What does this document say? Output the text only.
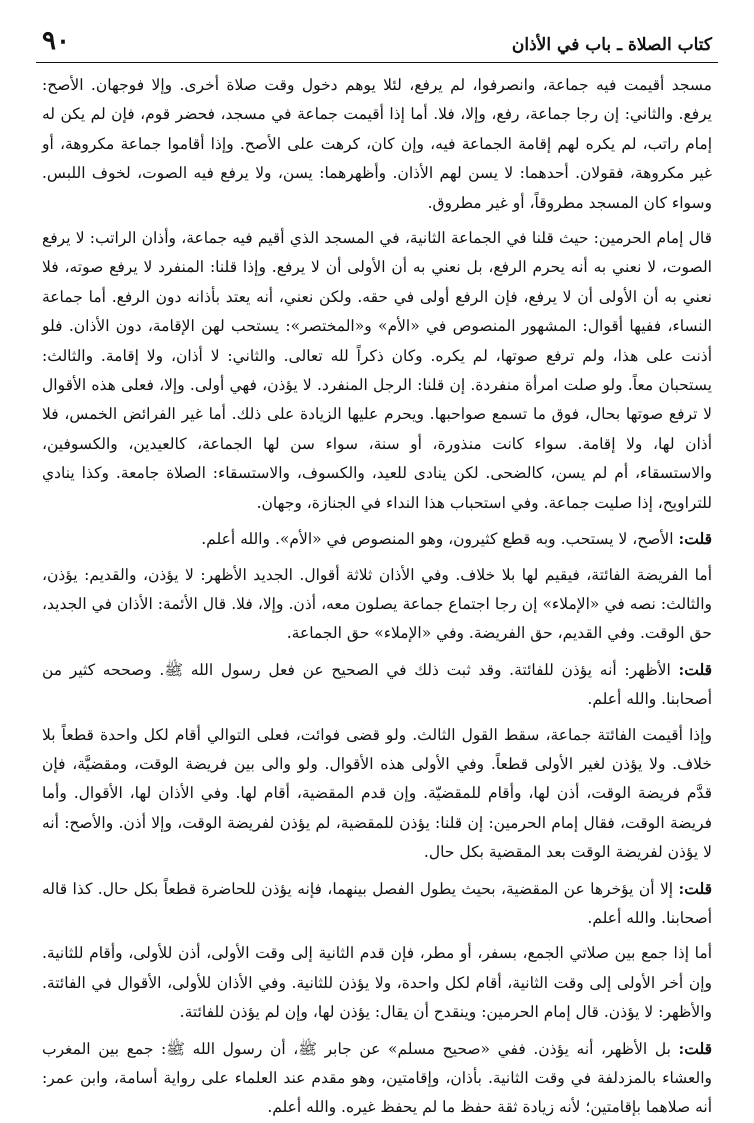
كتاب الصلاة ـ باب في الأذان
٩٠

مسجد أقيمت فيه جماعة، وانصرفوا، لم يرفع، لئلا يوهم دخول وقت صلاة أخرى. وإلا فوجهان. الأصح: يرفع. والثاني: إن رجا جماعة، رفع، وإلا، فلا. أما إذا أقيمت جماعة في مسجد، فحضر قوم، فإن لم يكن له إمام راتب، لم يكره لهم إقامة الجماعة فيه، وإن كان، كرهت على الأصح. وإذا أقاموا جماعة مكروهة، أو غير مكروهة، فقولان. أحدهما: لا يسن لهم الأذان. وأظهرهما: يسن، ولا يرفع فيه الصوت، لخوف اللبس. وسواء كان المسجد مطروقاً، أو غير مطروق.

قال إمام الحرمين: حيث قلنا في الجماعة الثانية، في المسجد الذي أقيم فيه جماعة، وأذان الراتب: لا يرفع الصوت، لا نعني به أنه يحرم الرفع، بل نعني به أن الأولى أن لا يرفع. وإذا قلنا: المنفرد لا يرفع صوته، فلا نعني به أن الأولى أن لا يرفع، فإن الرفع أولى في حقه. ولكن نعني، أنه يعتد بأذانه دون الرفع. أما جماعة النساء، ففيها أقوال: المشهور المنصوص في «الأم» و«المختصر»: يستحب لهن الإقامة، دون الأذان. فلو أذنت على هذا، ولم ترفع صوتها، لم يكره. وكان ذكراً لله تعالى. والثاني: لا أذان، ولا إقامة. والثالث: يستحبان معاً. ولو صلت امرأة منفردة. إن قلنا: الرجل المنفرد. لا يؤذن، فهي أولى. وإلا، فعلى هذه الأقوال لا ترفع صوتها بحال، فوق ما تسمع صواحبها. ويحرم عليها الزيادة على ذلك. أما غير الفرائض الخمس، فلا أذان لها، ولا إقامة. سواء كانت منذورة، أو سنة، سواء سن لها الجماعة، كالعيدين، والكسوفين، والاستسقاء، أم لم يسن، كالضحى. لكن ينادى للعيد، والكسوف، والاستسقاء: الصلاة جامعة. وكذا ينادي للتراويح، إذا صليت جماعة. وفي استحباب هذا النداء في الجنازة، وجهان.

قلت: الأصح، لا يستحب. وبه قطع كثيرون، وهو المنصوص في «الأم». والله أعلم.

أما الفريضة الفائتة، فيقيم لها بلا خلاف. وفي الأذان ثلاثة أقوال. الجديد الأظهر: لا يؤذن، والقديم: يؤذن، والثالث: نصه في «الإملاء» إن رجا اجتماع جماعة يصلون معه، أذن. وإلا، فلا. قال الأئمة: الأذان في الجديد، حق الوقت. وفي القديم، حق الفريضة. وفي «الإملاء» حق الجماعة.

قلت: الأظهر: أنه يؤذن للفائتة. وقد ثبت ذلك في الصحيح عن فعل رسول الله ﷺ. وصححه كثير من أصحابنا. والله أعلم.

وإذا أقيمت الفائتة جماعة، سقط القول الثالث. ولو قضى فوائت، فعلى التوالي أقام لكل واحدة قطعاً بلا خلاف. ولا يؤذن لغير الأولى قطعاً. وفي الأولى هذه الأقوال. ولو والى بين فريضة الوقت، ومقضيَّة، فإن قدَّم فريضة الوقت، أذن لها، وأقام للمقضيّة. وإن قدم المقضية، أقام لها. وفي الأذان لها، الأقوال. وأما فريضة الوقت، فقال إمام الحرمين: إن قلنا: يؤذن للمقضية، لم يؤذن لفريضة الوقت، وإلا أذن. والأصح: أنه لا يؤذن لفريضة الوقت بعد المقضية بكل حال.

قلت: إلا أن يؤخرها عن المقضية، بحيث يطول الفصل بينهما، فإنه يؤذن للحاضرة قطعاً بكل حال. كذا قاله أصحابنا. والله أعلم.

أما إذا جمع بين صلاتي الجمع، بسفر، أو مطر، فإن قدم الثانية إلى وقت الأولى، أذن للأولى، وأقام للثانية. وإن أخر الأولى إلى وقت الثانية، أقام لكل واحدة، ولا يؤذن للثانية. وفي الأذان للأولى، الأقوال في الفائتة. والأظهر: لا يؤذن. قال إمام الحرمين: وينقدح أن يقال: يؤذن لها، وإن لم يؤذن للفائتة.

قلت: بل الأظهر، أنه يؤذن. ففي «صحيح مسلم» عن جابر ﷺ، أن رسول الله ﷺ: جمع بين المغرب والعشاء بالمزدلفة في وقت الثانية. بأذان، وإقامتين، وهو مقدم عند العلماء على رواية أسامة، وابن عمر: أنه صلاهما بإقامتين؛ لأنه زيادة ثقة حفظ ما لم يحفظ غيره. والله أعلم.
